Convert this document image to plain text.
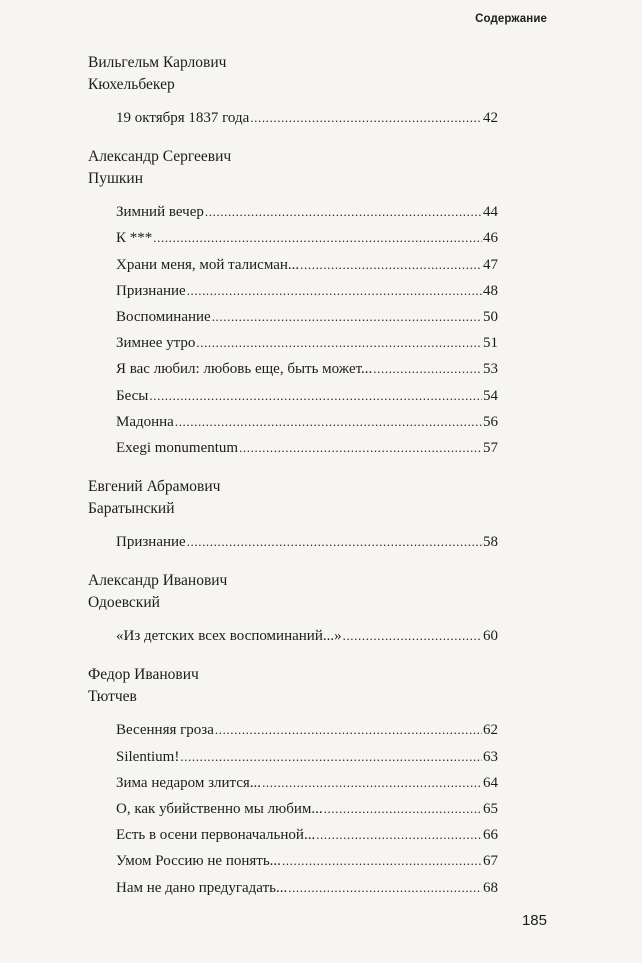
Содержание
Вильгельм Карлович
Кюхельбекер
19 октября 1837 года .....	42
Александр Сергеевич
Пушкин
Зимний вечер .....	44
К *** .....	46
Храни меня, мой талисман... .....	47
Признание .....	48
Воспоминание .....	50
Зимнее утро .....	51
Я вас любил: любовь еще, быть может... .....	53
Бесы .....	54
Мадонна .....	56
Exegi monumentum .....	57
Евгений Абрамович
Баратынский
Признание .....	58
Александр Иванович
Одоевский
«Из детских всех воспоминаний...» .....	60
Федор Иванович
Тютчев
Весенняя гроза .....	62
Silentium! .....	63
Зима недаром злится... .....	64
О, как убийственно мы любим... .....	65
Есть в осени первоначальной... .....	66
Умом Россию не понять... .....	67
Нам не дано предугадать... .....	68
185
